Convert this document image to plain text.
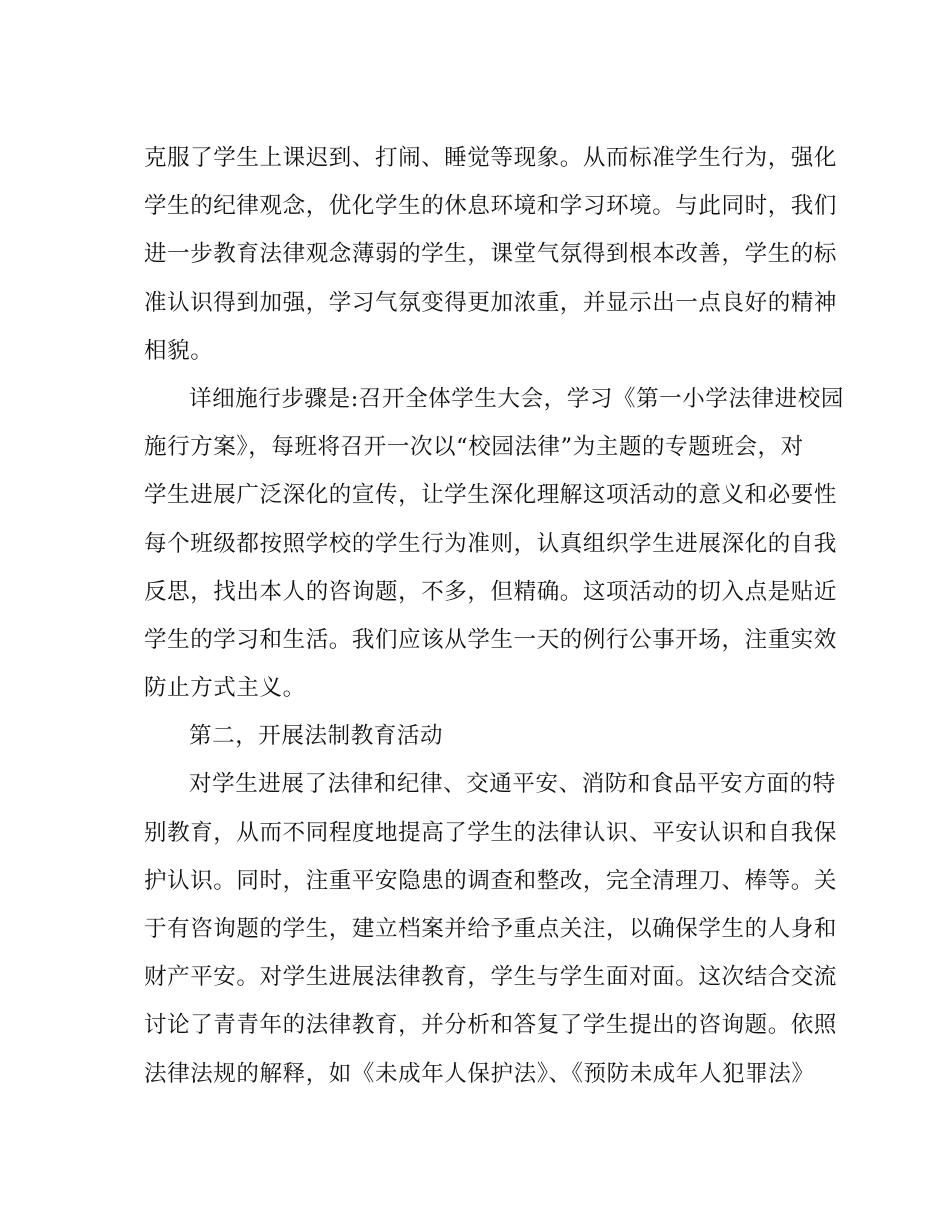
克服了学生上课迟到、打闹、睡觉等现象。从而标准学生行为，强化
学生的纪律观念，优化学生的休息环境和学习环境。与此同时，我们
进一步教育法律观念薄弱的学生，课堂气氛得到根本改善，学生的标
准认识得到加强，学习气氛变得更加浓重，并显示出一点良好的精神
相貌。
详细施行步骤是:召开全体学生大会，学习《第一小学法律进校园
施行方案》，每班将召开一次以“校园法律”为主题的专题班会，对
学生进展广泛深化的宣传，让学生深化理解这项活动的意义和必要性
每个班级都按照学校的学生行为准则，认真组织学生进展深化的自我
反思，找出本人的咨询题，不多，但精确。这项活动的切入点是贴近
学生的学习和生活。我们应该从学生一天的例行公事开场，注重实效
防止方式主义。
第二，开展法制教育活动
对学生进展了法律和纪律、交通平安、消防和食品平安方面的特
别教育，从而不同程度地提高了学生的法律认识、平安认识和自我保
护认识。同时，注重平安隐患的调查和整改，完全清理刀、棒等。关
于有咨询题的学生，建立档案并给予重点关注，以确保学生的人身和
财产平安。对学生进展法律教育，学生与学生面对面。这次结合交流
讨论了青青年的法律教育，并分析和答复了学生提出的咨询题。依照
法律法规的解释，如《未成年人保护法》、《预防未成年人犯罪法》
